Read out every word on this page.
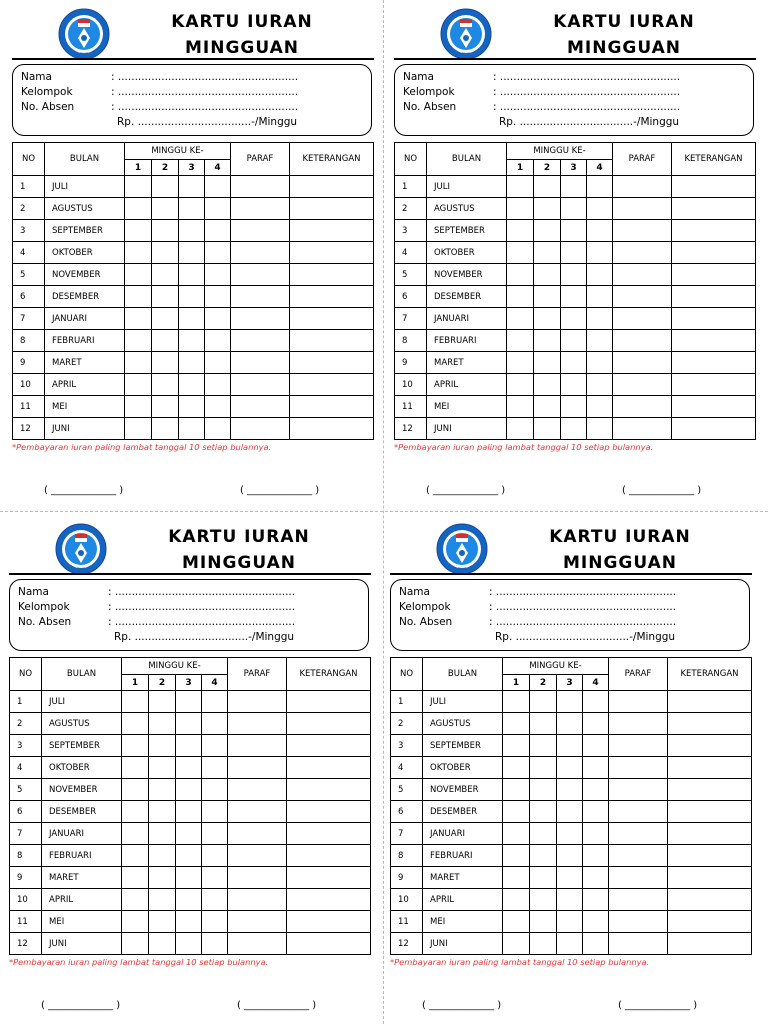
KARTU IURAN
MINGGUAN
Nama	: ......................................................
Kelompok	: ......................................................
No. Absen	: ......................................................
Rp. ..................................-/Minggu
NO	BULAN	MINGGU KE-				PARAF	KETERANGAN
		1	2	3	4		
1	JULI						
2	AGUSTUS						
3	SEPTEMBER						
4	OKTOBER						
5	NOVEMBER						
6	DESEMBER						
7	JANUARI						
8	FEBRUARI						
9	MARET						
10	APRIL						
11	MEI						
12	JUNI						
*Pembayaran iuran paling lambat tanggal 10 setiap bulannya.
( _____________ )	( _____________ )
KARTU IURAN
MINGGUAN
Nama	: ......................................................
Kelompok	: ......................................................
No. Absen	: ......................................................
Rp. ..................................-/Minggu
NO	BULAN	MINGGU KE-				PARAF	KETERANGAN
		1	2	3	4		
1	JULI						
2	AGUSTUS						
3	SEPTEMBER						
4	OKTOBER						
5	NOVEMBER						
6	DESEMBER						
7	JANUARI						
8	FEBRUARI						
9	MARET						
10	APRIL						
11	MEI						
12	JUNI						
*Pembayaran iuran paling lambat tanggal 10 setiap bulannya.
( _____________ )	( _____________ )
KARTU IURAN
MINGGUAN
Nama	: ......................................................
Kelompok	: ......................................................
No. Absen	: ......................................................
Rp. ..................................-/Minggu
NO	BULAN	MINGGU KE-				PARAF	KETERANGAN
		1	2	3	4		
1	JULI						
2	AGUSTUS						
3	SEPTEMBER						
4	OKTOBER						
5	NOVEMBER						
6	DESEMBER						
7	JANUARI						
8	FEBRUARI						
9	MARET						
10	APRIL						
11	MEI						
12	JUNI						
*Pembayaran iuran paling lambat tanggal 10 setiap bulannya.
( _____________ )	( _____________ )
KARTU IURAN
MINGGUAN
Nama	: ......................................................
Kelompok	: ......................................................
No. Absen	: ......................................................
Rp. ..................................-/Minggu
NO	BULAN	MINGGU KE-				PARAF	KETERANGAN
		1	2	3	4		
1	JULI						
2	AGUSTUS						
3	SEPTEMBER						
4	OKTOBER						
5	NOVEMBER						
6	DESEMBER						
7	JANUARI						
8	FEBRUARI						
9	MARET						
10	APRIL						
11	MEI						
12	JUNI						
*Pembayaran iuran paling lambat tanggal 10 setiap bulannya.
( _____________ )	( _____________ )
